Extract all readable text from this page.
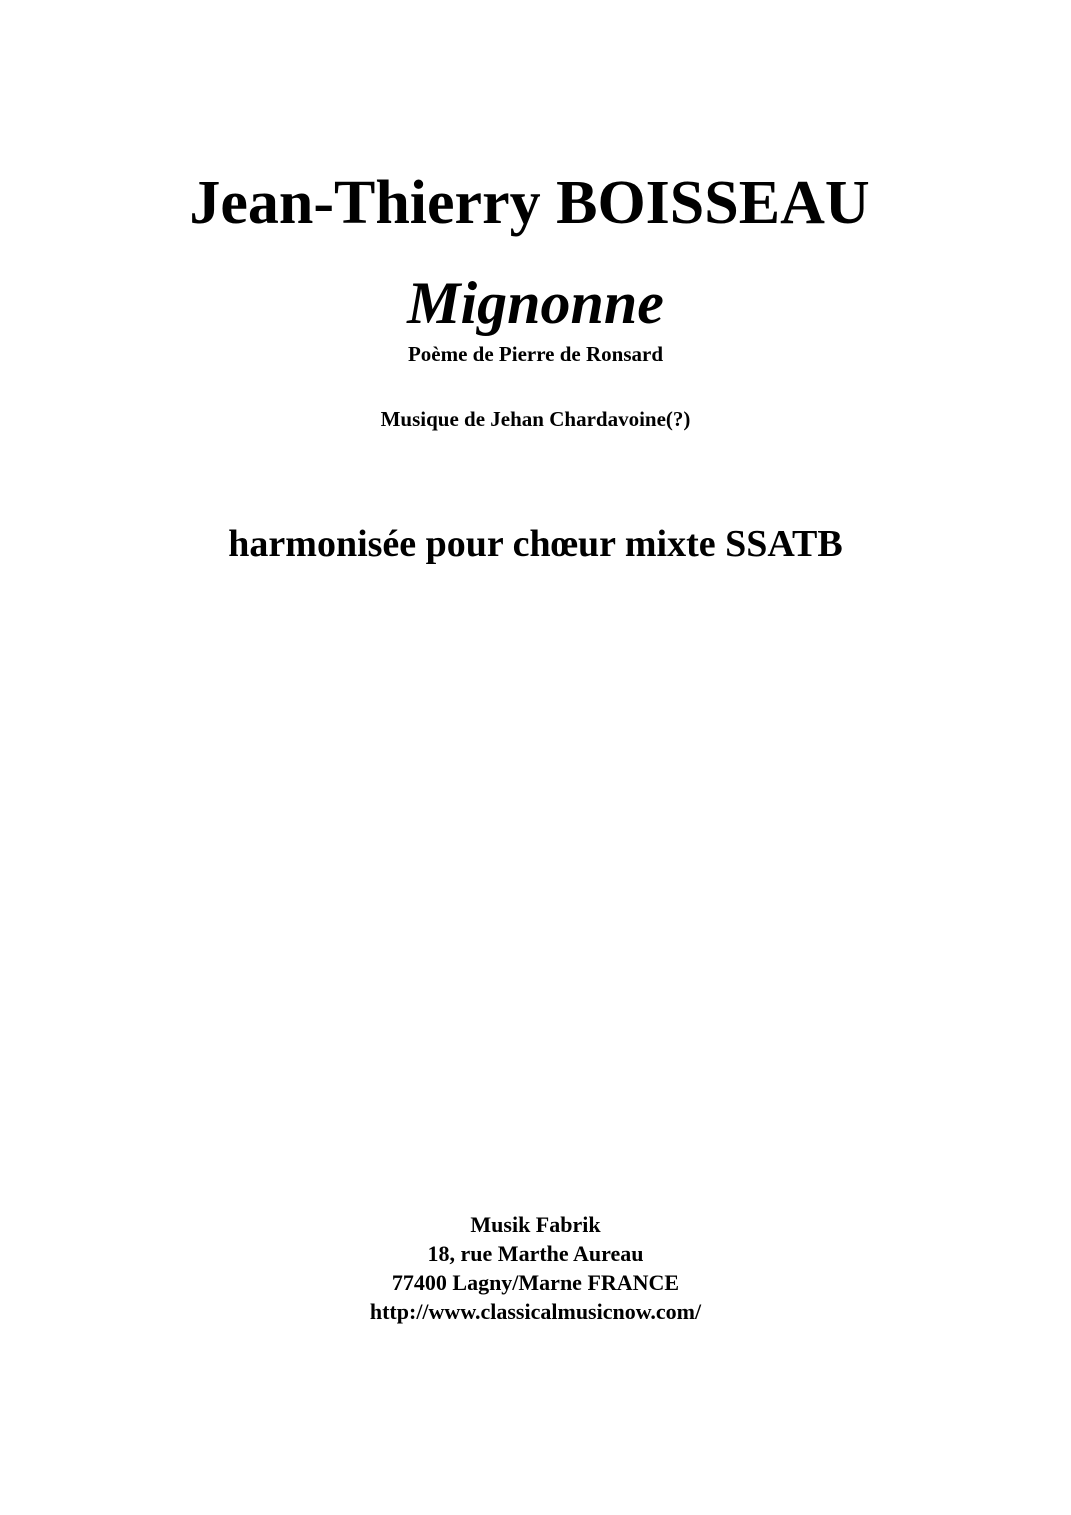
Jean-Thierry BOISSEAU
Mignonne
Poème de Pierre de Ronsard
Musique de Jehan Chardavoine(?)
harmonisée pour chœur mixte SSATB
Musik Fabrik
18, rue Marthe Aureau
77400 Lagny/Marne FRANCE
http://www.classicalmusicnow.com/
